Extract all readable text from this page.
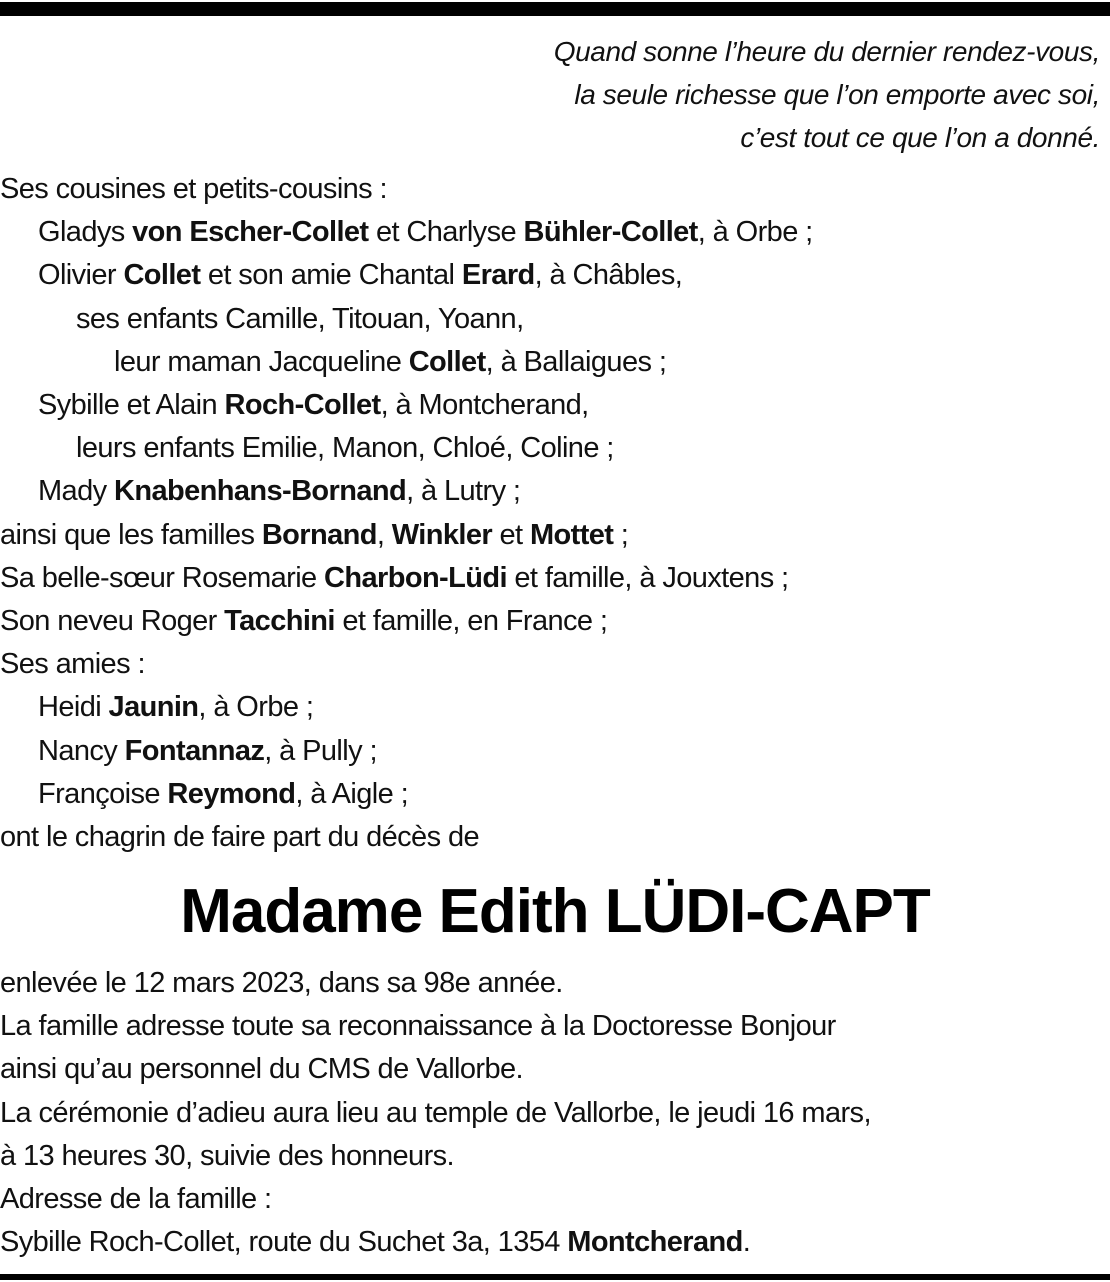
Quand sonne l’heure du dernier rendez-vous,
la seule richesse que l’on emporte avec soi,
c’est tout ce que l’on a donné.
Ses cousines et petits-cousins :
Gladys von Escher-Collet et Charlyse Bühler-Collet, à Orbe ;
Olivier Collet et son amie Chantal Erard, à Châbles,
ses enfants Camille, Titouan, Yoann,
leur maman Jacqueline Collet, à Ballaigues ;
Sybille et Alain Roch-Collet, à Montcherand,
leurs enfants Emilie, Manon, Chloé, Coline ;
Mady Knabenhans-Bornand, à Lutry ;
ainsi que les familles Bornand, Winkler et Mottet ;
Sa belle-sœur Rosemarie Charbon-Lüdi et famille, à Jouxtens ;
Son neveu Roger Tacchini et famille, en France ;
Ses amies :
Heidi Jaunin, à Orbe ;
Nancy Fontannaz, à Pully ;
Françoise Reymond, à Aigle ;
ont le chagrin de faire part du décès de
Madame Edith LÜDI-CAPT
enlevée le 12 mars 2023, dans sa 98e année.
La famille adresse toute sa reconnaissance à la Doctoresse Bonjour
ainsi qu’au personnel du CMS de Vallorbe.
La cérémonie d’adieu aura lieu au temple de Vallorbe, le jeudi 16 mars,
à 13 heures 30, suivie des honneurs.
Adresse de la famille :
Sybille Roch-Collet, route du Suchet 3a, 1354 Montcherand.
